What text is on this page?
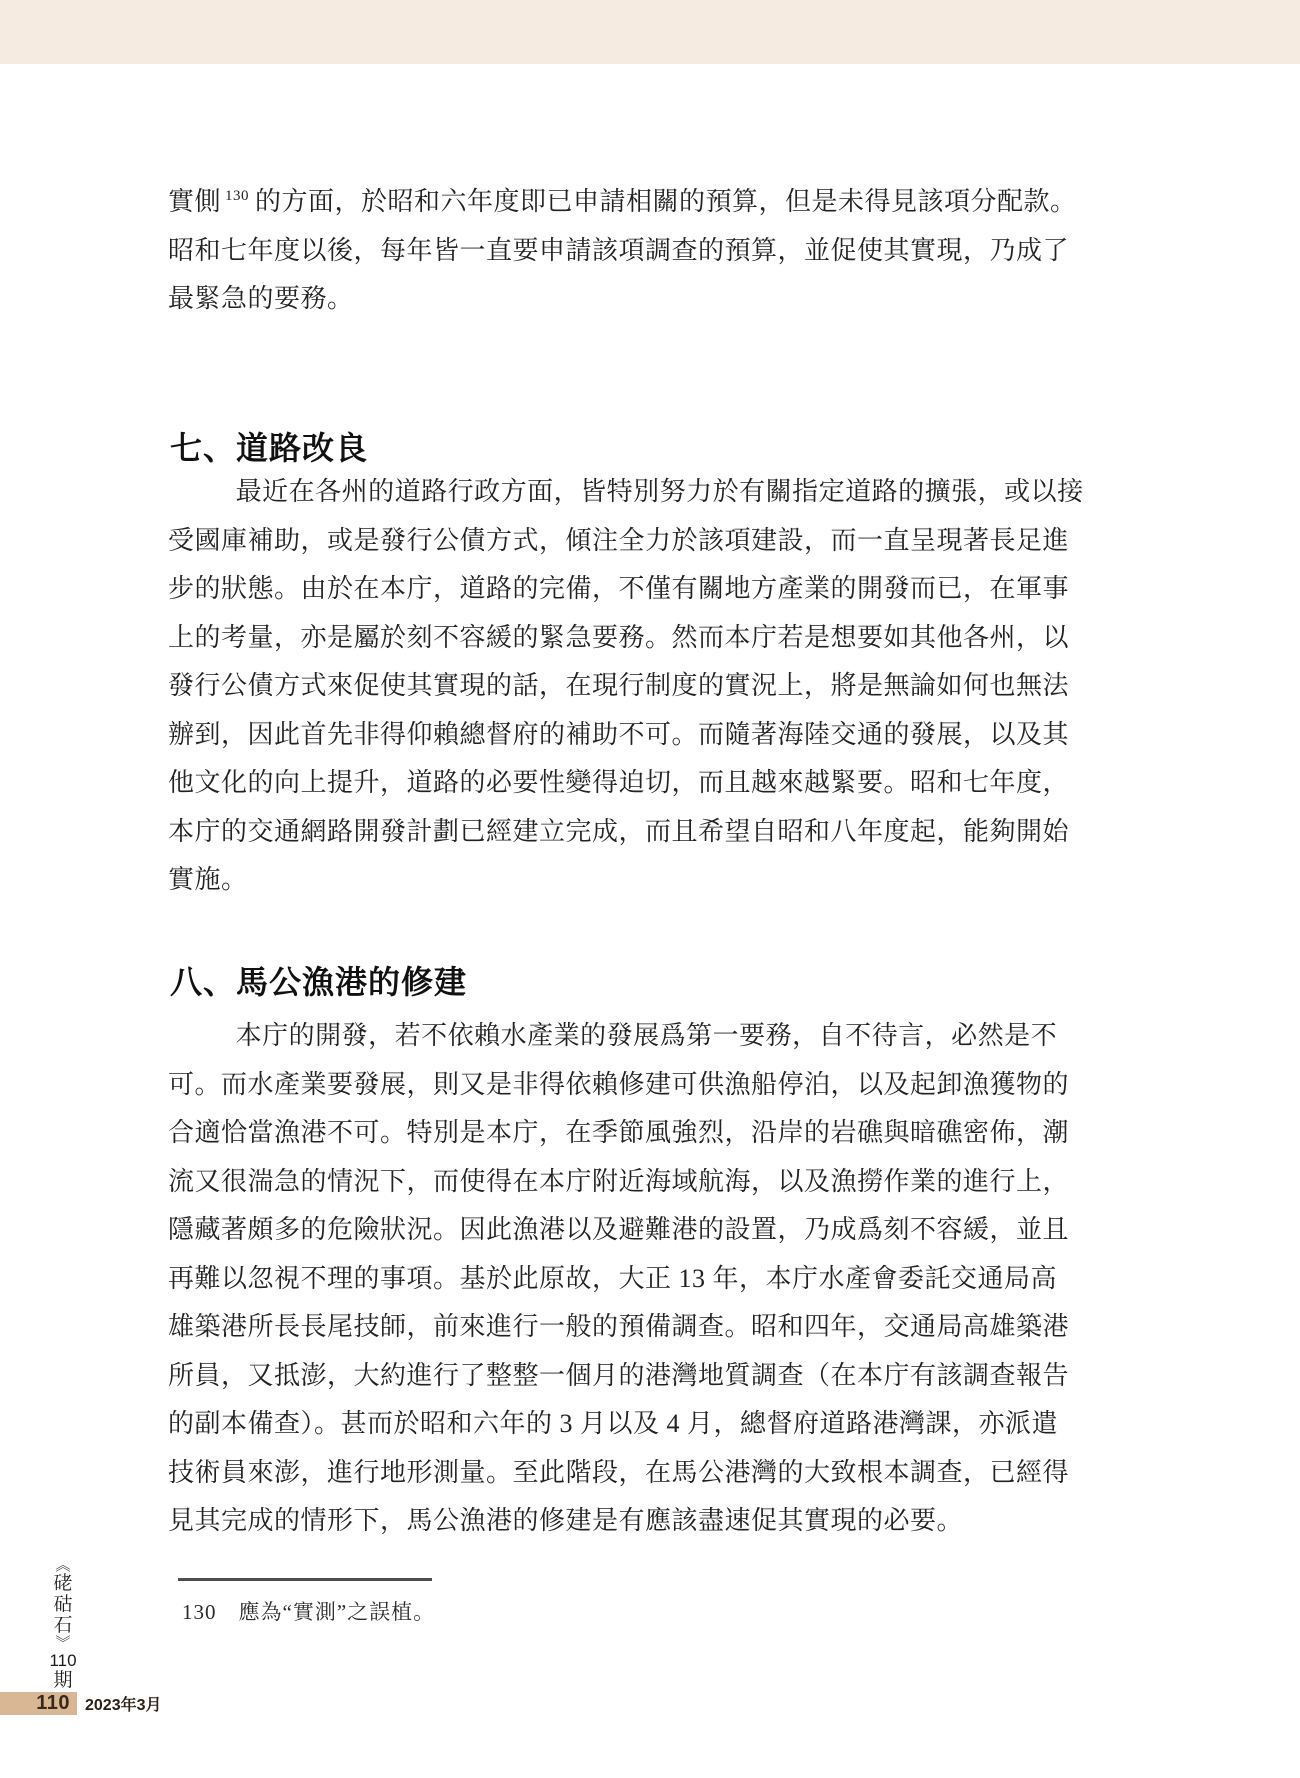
實側 $^{130}$ 的方面，於昭和六年度即已申請相關的預算，但是未得見該項分配款。
昭和七年度以後，每年皆一直要申請該項調查的預算，並促使其實現，乃成了
最緊急的要務。
七、道路改良
最近在各州的道路行政方面，皆特別努力於有關指定道路的擴張，或以接
受國庫補助，或是發行公債方式，傾注全力於該項建設，而一直呈現著長足進
步的狀態。由於在本庁，道路的完備，不僅有關地方產業的開發而已，在軍事
上的考量，亦是屬於刻不容緩的緊急要務。然而本庁若是想要如其他各州，以
發行公債方式來促使其實現的話，在現行制度的實況上，將是無論如何也無法
辦到，因此首先非得仰賴總督府的補助不可。而隨著海陸交通的發展，以及其
他文化的向上提升，道路的必要性變得迫切，而且越來越緊要。昭和七年度，
本庁的交通網路開發計劃已經建立完成，而且希望自昭和八年度起，能夠開始
實施。
八、馬公漁港的修建
本庁的開發，若不依賴水產業的發展爲第一要務，自不待言，必然是不
可。而水產業要發展，則又是非得依賴修建可供漁船停泊，以及起卸漁獲物的
合適恰當漁港不可。特別是本庁，在季節風強烈，沿岸的岩礁與暗礁密佈，潮
流又很湍急的情況下，而使得在本庁附近海域航海，以及漁撈作業的進行上，
隱藏著頗多的危險狀況。因此漁港以及避難港的設置，乃成爲刻不容緩，並且
再難以忽視不理的事項。基於此原故，大正 13 年，本庁水產會委託交通局高
雄築港所長長尾技師，前來進行一般的預備調查。昭和四年，交通局高雄築港
所員，又抵澎，大約進行了整整一個月的港灣地質調查（在本庁有該調查報告
的副本備查）。甚而於昭和六年的 3 月以及 4 月，總督府道路港灣課，亦派遣
技術員來澎，進行地形測量。至此階段，在馬公港灣的大致根本調查，已經得
見其完成的情形下，馬公漁港的修建是有應該盡速促其實現的必要。
130 應為“實測”之誤植。
︽
硓
𥑮
石
︾
110
期
110 2023年3月
